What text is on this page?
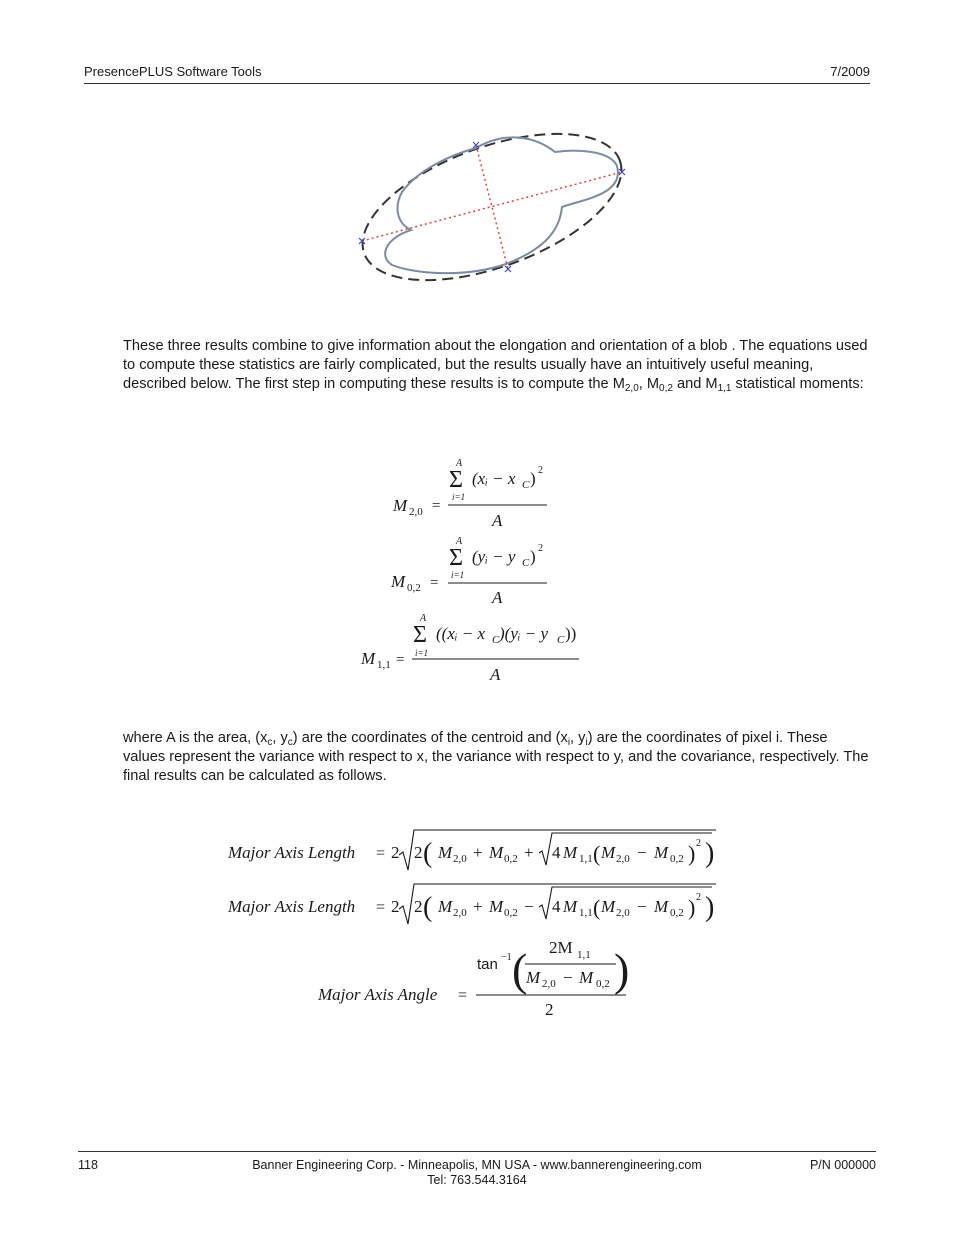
PresencePLUS Software Tools	7/2009

These three results combine to give information about the elongation and orientation of a blob . The equations used to compute these statistics are fairly complicated, but the results usually have an intuitively useful meaning, described below. The first step in computing these results is to compute the $M_{2,0}$, $M_{0,2}$ and $M_{1,1}$ statistical moments:

M 2,0 =
A
Σ
i=1
(xᵢ − x C ) 2
A
M 0,2 =
A
Σ
i=1
(yᵢ − y C ) 2
A
M 1,1 =
A
Σ
i=1
((xᵢ − x C )(yᵢ − y C ))
A

where A is the area, ($x_c$, $y_c$) are the coordinates of the centroid and ($x_i$, $y_i$) are the coordinates of pixel i. These values represent the variance with respect to x, the variance with respect to y, and the covariance, respectively. The final results can be calculated as follows.

Major Axis Length = 2 2 ( M 2,0 + M 0,2 + 4 M 1,1 ( M 2,0 − M 0,2 ) 2 )
Major Axis Length = 2 2 ( M 2,0 + M 0,2 − 4 M 1,1 ( M 2,0 − M 0,2 ) 2 )
Major Axis Angle =
tan −1 ( 2M 1,1
M 2,0 − M 0,2 )
2
118	Banner Engineering Corp. - Minneapolis, MN USA - www.bannerengineering.com
Tel: 763.544.3164
P/N 000000
